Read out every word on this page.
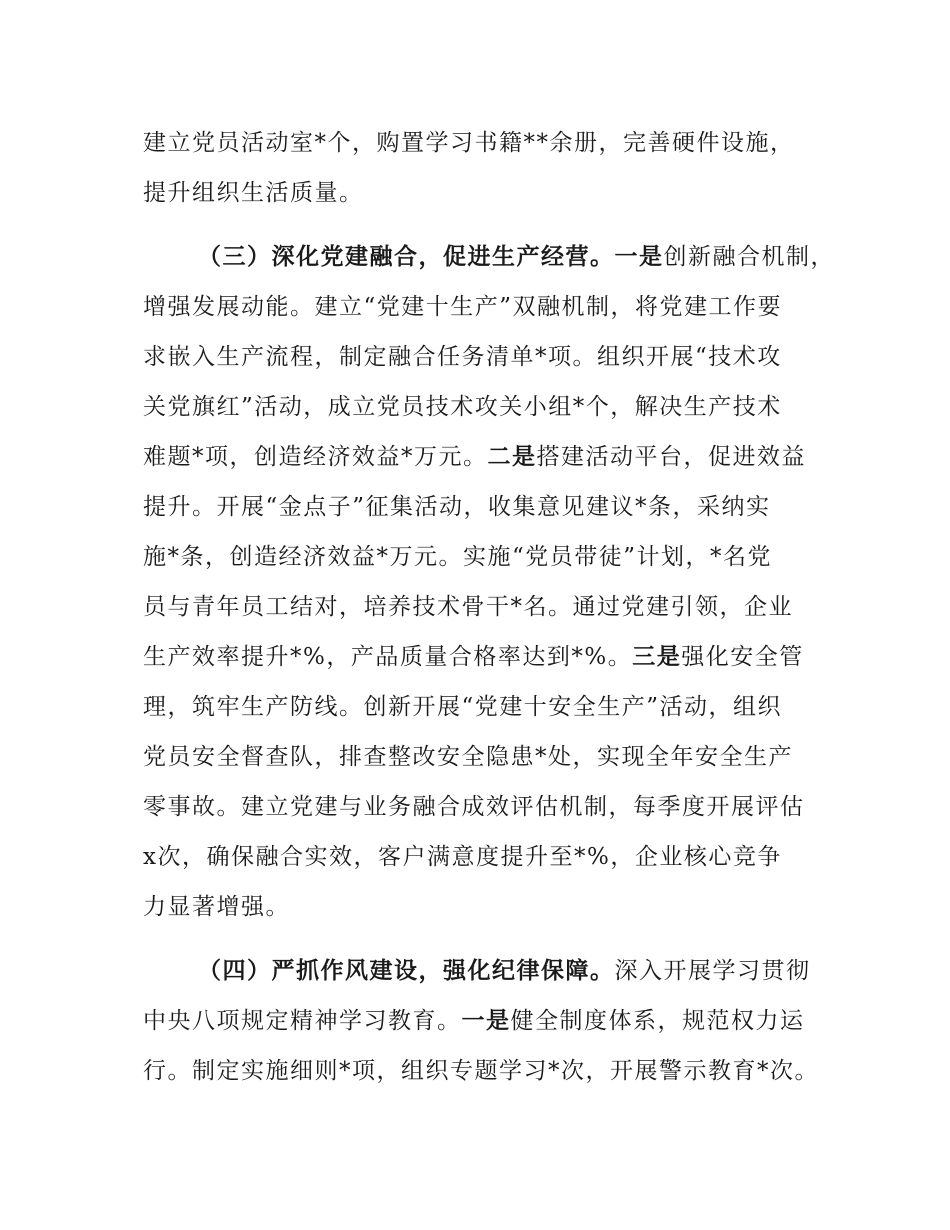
建立党员活动室*个，购置学习书籍**余册，完善硬件设施，
提升组织生活质量。
（三）深化党建融合，促进生产经营。一是创新融合机制，
增强发展动能。建立“党建十生产”双融机制，将党建工作要
求嵌入生产流程，制定融合任务清单*项。组织开展“技术攻
关党旗红”活动，成立党员技术攻关小组*个，解决生产技术
难题*项，创造经济效益*万元。二是搭建活动平台，促进效益
提升。开展“金点子”征集活动，收集意见建议*条，采纳实
施*条，创造经济效益*万元。实施“党员带徒”计划，*名党
员与青年员工结对，培养技术骨干*名。通过党建引领，企业
生产效率提升*%，产品质量合格率达到*%。三是强化安全管
理，筑牢生产防线。创新开展“党建十安全生产”活动，组织
党员安全督查队，排查整改安全隐患*处，实现全年安全生产
零事故。建立党建与业务融合成效评估机制，每季度开展评估
x次，确保融合实效，客户满意度提升至*%，企业核心竞争
力显著增强。
（四）严抓作风建设，强化纪律保障。深入开展学习贯彻
中央八项规定精神学习教育。一是健全制度体系，规范权力运
行。制定实施细则*项，组织专题学习*次，开展警示教育*次。
